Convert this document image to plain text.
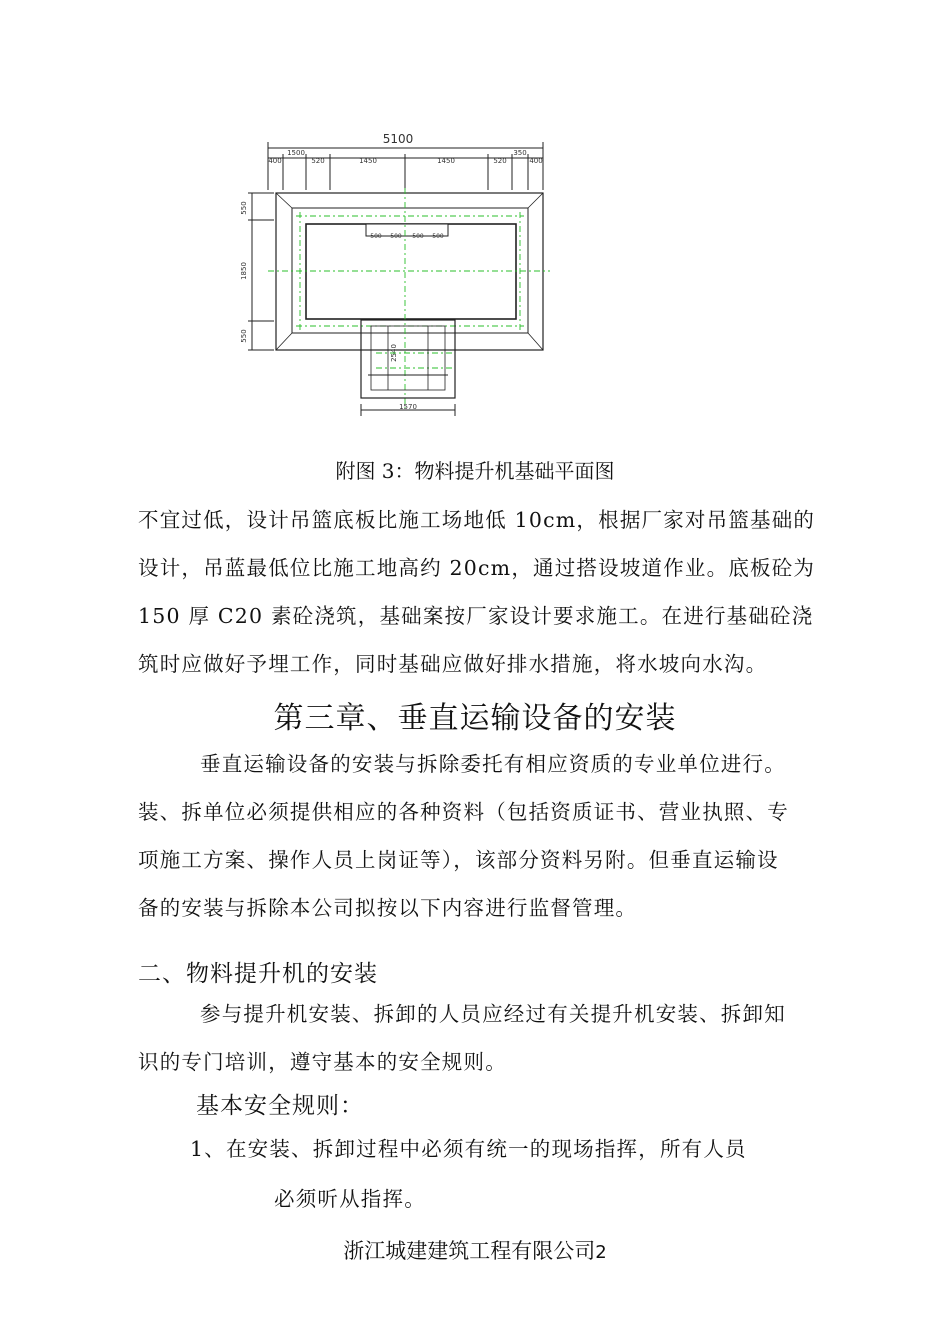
5100
400
1500
520	1450	1450	520
350
400
550
1850
550
500 500 500 500
2540
1570
附图 3：物料提升机基础平面图

不宜过低，设计吊篮底板比施工场地低 10cm，根据厂家对吊篮基础的

设计，吊蓝最低位比施工地高约 20cm，通过搭设坡道作业。底板砼为

150 厚 C20 素砼浇筑，基础案按厂家设计要求施工。在进行基础砼浇

筑时应做好予埋工作，同时基础应做好排水措施，将水坡向水沟。

第三章、垂直运输设备的安装

垂直运输设备的安装与拆除委托有相应资质的专业单位进行。

装、拆单位必须提供相应的各种资料（包括资质证书、营业执照、专

项施工方案、操作人员上岗证等），该部分资料另附。但垂直运输设

备的安装与拆除本公司拟按以下内容进行监督管理。

二、物料提升机的安装

参与提升机安装、拆卸的人员应经过有关提升机安装、拆卸知

识的专门培训，遵守基本的安全规则。

基本安全规则：
1、在安装、拆卸过程中必须有统一的现场指挥，所有人员
必须听从指挥。
浙江城建建筑工程有限公司2
